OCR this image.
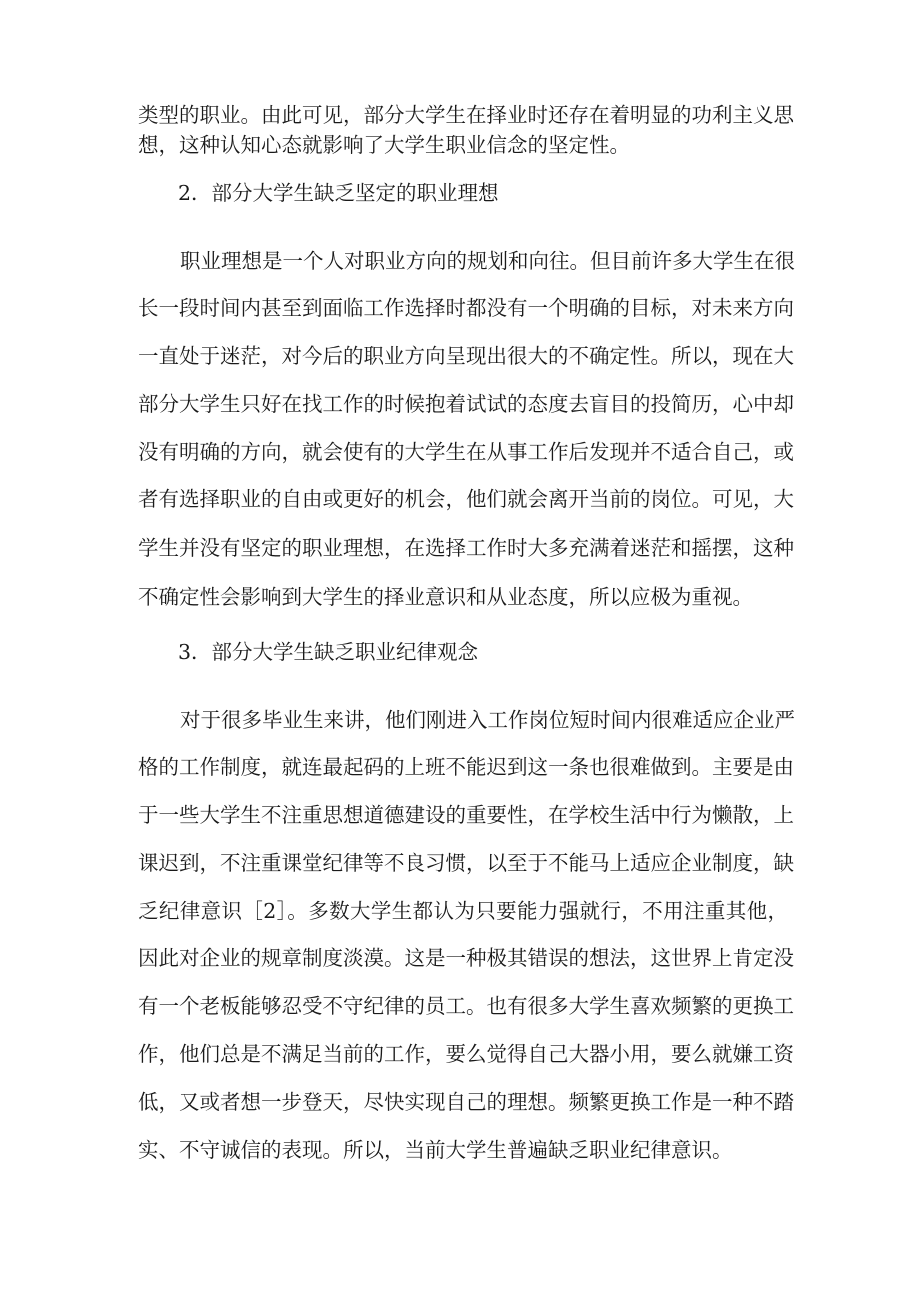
类型的职业。由此可见，部分大学生在择业时还存在着明显的功利主义思
想，这种认知心态就影响了大学生职业信念的坚定性。
2．部分大学生缺乏坚定的职业理想
职业理想是一个人对职业方向的规划和向往。但目前许多大学生在很
长一段时间内甚至到面临工作选择时都没有一个明确的目标，对未来方向
一直处于迷茫，对今后的职业方向呈现出很大的不确定性。所以，现在大
部分大学生只好在找工作的时候抱着试试的态度去盲目的投简历，心中却
没有明确的方向，就会使有的大学生在从事工作后发现并不适合自己，或
者有选择职业的自由或更好的机会，他们就会离开当前的岗位。可见，大
学生并没有坚定的职业理想，在选择工作时大多充满着迷茫和摇摆，这种
不确定性会影响到大学生的择业意识和从业态度，所以应极为重视。
3．部分大学生缺乏职业纪律观念
对于很多毕业生来讲，他们刚进入工作岗位短时间内很难适应企业严
格的工作制度，就连最起码的上班不能迟到这一条也很难做到。主要是由
于一些大学生不注重思想道德建设的重要性，在学校生活中行为懒散，上
课迟到，不注重课堂纪律等不良习惯，以至于不能马上适应企业制度，缺
乏纪律意识［2］。多数大学生都认为只要能力强就行，不用注重其他，
因此对企业的规章制度淡漠。这是一种极其错误的想法，这世界上肯定没
有一个老板能够忍受不守纪律的员工。也有很多大学生喜欢频繁的更换工
作，他们总是不满足当前的工作，要么觉得自己大器小用，要么就嫌工资
低，又或者想一步登天，尽快实现自己的理想。频繁更换工作是一种不踏
实、不守诚信的表现。所以，当前大学生普遍缺乏职业纪律意识。
